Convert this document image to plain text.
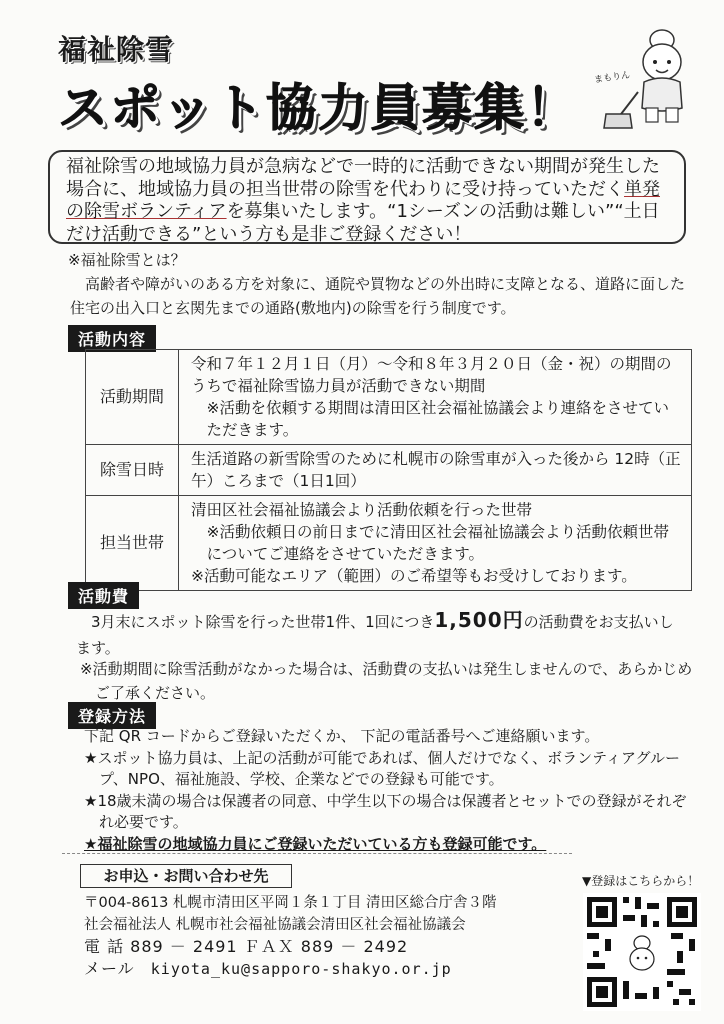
福祉除雪
スポット協力員募集！
まもりん
福祉除雪の地域協力員が急病などで一時的に活動できない期間が発生した場合に、地域協力員の担当世帯の除雪を代わりに受け持っていただく単発の除雪ボランティアを募集いたします。“1シーズンの活動は難しい”“土日だけ活動できる”という方も是非ご登録ください！
※福祉除雪とは？
高齢者や障がいのある方を対象に、通院や買物などの外出時に支障となる、道路に面した住宅の出入口と玄関先までの通路(敷地内)の除雪を行う制度です。
活動内容
活動期間	令和７年１２月１日（月）～令和８年３月２０日（金・祝）の期間のうちで福祉除雪協力員が活動できない期間
※活動を依頼する期間は清田区社会福祉協議会より連絡をさせていただきます。

除雪日時	生活道路の新雪除雪のために札幌市の除雪車が入った後から 12時（正午）ころまで（1日1回）

担当世帯	清田区社会福祉協議会より活動依頼を行った世帯
※活動依頼日の前日までに清田区社会福祉協議会より活動依頼世帯についてご連絡をさせていただきます。
※活動可能なエリア（範囲）のご希望等もお受けしております。
活動費
3月末にスポット除雪を行った世帯1件、1回につき1,500円の活動費をお支払いします。
※活動期間に除雪活動がなかった場合は、活動費の支払いは発生しませんので、あらかじめご了承ください。
登録方法
下記 QR コードからご登録いただくか、 下記の電話番号へご連絡願います。
★スポット協力員は、上記の活動が可能であれば、個人だけでなく、ボランティアグループ、NPO、福祉施設、学校、企業などでの登録も可能です。
★18歳未満の場合は保護者の同意、中学生以下の場合は保護者とセットでの登録がそれぞれ必要です。
★福祉除雪の地域協力員にご登録いただいている方も登録可能です。
お申込・お問い合わせ先
〒004-8613 札幌市清田区平岡１条１丁目 清田区総合庁舎３階
社会福祉法人 札幌市社会福祉協議会清田区社会福祉協議会
電 話 889 － 2491 ＦＡＸ 889 － 2492
メール kiyota_ku@sapporo-shakyo.or.jp
▼登録はこちらから！
